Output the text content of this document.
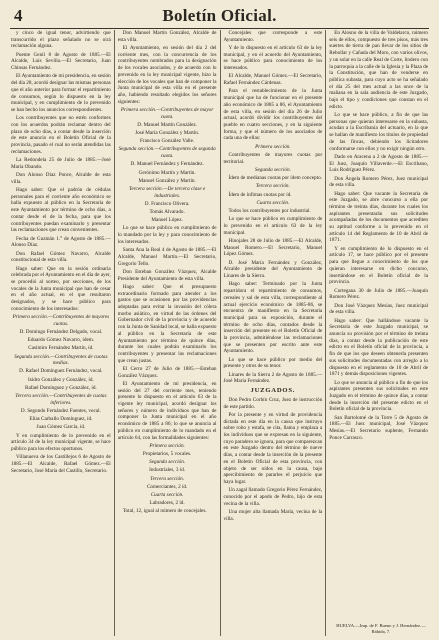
4	Boletín Oficial.
y cinco de igual tenor, advirtiendo que transcurrido el plazo señalado no se oirá reclamación alguna.
Puente Genil 8 de Agosto de 1885.—El Alcalde, Luis Sevilla.—El Secretario, Juan Chinsas Fernández.
El Ayuntamiento de mi presidencia, en sesión del día 28, acordó designar las mismas personas que el año anterior para formar el repartimiento de consumos, según lo dispuesto en la ley municipal, y en cumplimiento de lo prevenido se han hecho los anuncios correspondientes.
Los contribuyentes que no estén conformes con los acuerdos podrán reclamar dentro del plazo de ocho días, a contar desde la inserción de este anuncio en el Boletín Oficial de la provincia, pasado el cual no serán atendidas las reclamaciones.
La Redondela 25 de Julio de 1885.—José María Obando.
Don Alonso Díaz Ponce, Alcalde de esta villa.
Hago saber: Que el padrón de cédulas personales para el corriente año económico se halla expuesto al público en la Secretaría de este Ayuntamiento por término de ocho días, a contar desde el de la fecha, para que los contribuyentes puedan examinarlo y presentar las reclamaciones que crean convenientes.
Fecha de Guzmán 1.° de Agosto de 1885.—Alonso Díaz.
Don Rafael Gómez Navarro, Alcalde constitucional de esta villa.
Hago saber: Que en la sesión ordinaria celebrada por el Ayuntamiento en el día de ayer, se procedió al sorteo, por secciones, de los vocales de la Junta municipal que han de cesar en el año actual, en el que resultaron designados, y se hace público para conocimiento de los interesados:
Primera sección.—Contribuyentes de mayores cuotas.
D. Domingo Fernández Delgado, vocal.
Eduardo Gómez Navarro, ídem.
Casimiro Fernández Martín, íd.
Segunda sección.—Contribuyentes de cuotas medias.
D. Rafael Domínguez Fernández, vocal.
Isidro González y González, íd.
Rafael Domínguez y González, íd.
Tercera sección.—Contribuyentes de cuotas inferiores.
D. Segundo Fernández Fuentes, vocal.
Elías Carballo Domínguez, íd.
Juan Gómez García, íd.
Y en cumplimiento de lo prevenido en el artículo 34 de la ley municipal vigente, se hace público para los efectos oportunos.
Villanueva de los Castillejos 6 de Agosto de 1885.—El Alcalde, Rafael Gómez.—El Secretario, José María del Castillo, Secretario.
Don Manuel Martín González, Alcalde de esta villa.
El Ayuntamiento, en sesión del día 2 del corriente mes, con la concurrencia de los contribuyentes nombrados para la designación de los vocales asociados, y de acuerdo con lo prevenido en la ley municipal vigente, hizo la elección de los vocales que han de componer la Junta municipal de esta villa en el presente año, habiendo resultado elegidos los señores siguientes:
Primera sección.—Contribuyentes de mayor cuota.
D. Manuel Martín González.
José María González y Martín.
Francisco González Valle.
Segunda sección.—Contribuyentes de segunda cuota.
D. Manuel Fernández y Fernández.
Gerónimo Martín y Martín.
Manuel González y Martín.
Tercera sección.—De tercera clase e industriales.
D. Francisco Olivera.
Tomás Alvarado.
Manuel López.
Lo que se hace público en cumplimiento de lo mandado por la ley y para conocimiento de los interesados.
Santa Ana la Real 4 de Agosto de 1885.—El Alcalde, Manuel Martín.—El Secretario, Gregorio Tello.
Don Esteban González Vázquez, Alcalde Presidente del Ayuntamiento de esta villa.
Hago saber: Que el presupuesto extraordinario formado para atender a los gastos que se ocasionen por las providencias adoptadas para evitar la invasión del cólera morbo asiático, en virtud de las órdenes del Gobernador civil de la provincia y de acuerdo con la Junta de Sanidad local, se halla expuesto al público en la Secretaría de este Ayuntamiento por término de quince días, durante los cuales podrán examinarlo los contribuyentes y presentar las reclamaciones que crean justas.
El Cerro 27 de Julio de 1885.—Esteban González Vázquez.
El Ayuntamiento de mi presidencia, en sesión del 27 del corriente mes, teniendo presente lo dispuesto en el artículo 63 de la vigente ley municipal, acordó designar los señores y número de individuos que han de componer la Junta municipal en el año económico de 1885 a 86; lo que se anuncia al público en cumplimiento de lo mandado en el artículo 64, con las formalidades siguientes:
Primera sección.
Propietarios, 5 vocales.
Segunda sección.
Industriales, 3 íd.
Tercera sección.
Comerciantes, 2 íd.
Cuarta sección.
Labradores, 2 íd.
Total, 12, igual al número de concejales.
Concejales que corresponde a este Ayuntamiento.
Y de lo dispuesto en el artículo 63 de la ley municipal, y en el acuerdo del Ayuntamiento, se hace público para conocimiento de los interesados.
El Alcalde, Manuel Gómez.—El Secretario, Rafael Fernández Cárdenas.
Para el restablecimiento de la Junta municipal que ha de funcionar en el presente año económico de 1885 a 86, el Ayuntamiento de esta villa, en sesión del día 26 de Julio actual, acordó dividir los contribuyentes del pueblo en cuatro secciones, y en la siguiente forma, y que el número de los asociados de cada una de ellas:
Primera sección.
Contribuyentes de mayores cuotas por territorial.
Segunda sección.
Ídem de medianas cuotas por ídem concepto.
Tercera sección.
Ídem de ínfimas cuotas por íd.
Cuarta sección.
Todos los contribuyentes por industrial.
Lo que se hace público en cumplimiento de lo prevenido en el artículo 63 de la ley municipal.
Hinojales 28 de Julio de 1885.—El Alcalde, Manuel Romero.—El Secretario, Manuel López Gómez.
D. José María Fernández y González, Alcalde presidente del Ayuntamiento de Linares de la Sierra.
Hago saber: Terminado por la Junta repartidora el repartimiento de consumos, cereales y sal de esta villa, correspondiente al actual ejercicio económico de 1885-86, se encuentra de manifiesto en la Secretaría municipal para su exposición, durante el término de ocho días, contados desde la inserción del presente en el Boletín Oficial de la provincia, admitiéndose las reclamaciones que se presenten por escrito ante este Ayuntamiento.
Lo que se hace público por medio del presente y otros de su tenor.
Linares de la Sierra 2 de Agosto de 1885.—José María Fernández.
JUZGADOS.
Don Pedro Corbín Cruz, Juez de instrucción de este partido.
Por la presente y en virtud de providencia dictada en este día en la causa que instruyo sobre robo y estafa, se cita, llama y emplaza a los individuos que se expresan en la siguiente, cuyo paradero se ignora, para que comparezcan en este Juzgado dentro del término de nueve días, a contar desde la inserción de la presente en el Boletín Oficial de esta provincia, con objeto de ser oídos en la causa, bajo apercibimiento de pararles el perjuicio que haya lugar.
Un zagal llamado Gregorio Pérez Fernández, conocido por el apodo de Pedro, hijo de esta vecina de la villa.
Una mujer alta llamada María, vecina de la villa.
En Alosno de la villa de Valdelarco, número seis de ellos, compuesto de tres pisos, más tres suertes de tierra de pan llevar de los sitios de Rebollar y Cañada del Moro, con varios olivos, y un solar en la calle Real de Corte, lindero con la parroquia a la calle de la Iglesia y la Plaza de la Constitución, que han de venderse en pública subasta, para cuyo acto se ha señalado el día 25 del mes actual a las once de la mañana en la sala audiencia de este Juzgado, bajo el tipo y condiciones que constan en el edicto.
Lo que se hace público, a fin de que las personas que quieran interesarse en la subasta, acudan a la Escribanía del actuario, en la que se hallan de manifiesto los títulos de propiedad de las fincas, debiendo los licitadores conformarse con ellos y no exigir ningún otro.
Dado en Aracena a 2 de Agosto de 1885.—El Juez, Joaquín Villaverde.—El Escribano, Luis Rodríguez Pérez.
Don Ángela Romero Pérez, Juez municipal de esta villa.
Hago saber: Que vacante la Secretaría de este Juzgado, se abre concurso a ella por término de treinta días, durante los cuales los aspirantes presentarán sus solicitudes acompañadas de los documentos que acrediten su aptitud conforme a lo prevenido en el artículo 14 del Reglamento de 10 de Abril de 1871.
Y en cumplimiento de lo dispuesto en el artículo 17, se hace público por el presente para que llegue a conocimiento de los que quieran interesarse en dicho concurso, insertándose en el Boletín oficial de la provincia.
Cortegana 30 de Julio de 1885.—Joaquín Romero Pérez.
Don José Vázquez Mesías, Juez municipal de esta villa.
Hago saber: Que hallándose vacante la Secretaría de este Juzgado municipal, se anuncia su provisión por el término de treinta días, a contar desde la publicación de este edicto en el Boletín oficial de la provincia, a fin de que los que deseen obtenerla presenten sus solicitudes documentadas con arreglo a lo dispuesto en el reglamento de 10 de Abril de 1871 y demás disposiciones vigentes.
Lo que se anuncia al público a fin de que los aspirantes presenten sus solicitudes en este Juzgado en el término de quince días, a contar desde la inserción del presente edicto en el Boletín oficial de la provincia.
San Bartolomé de la Torre 5 de Agosto de 1885.—El Juez municipal, José Vázquez Mesías.—El Secretario suplente, Fernando Ponce Carrasco.
HUELVA.—Imp. de F. Bueno y J. Hernández.—Rábida, 7.
